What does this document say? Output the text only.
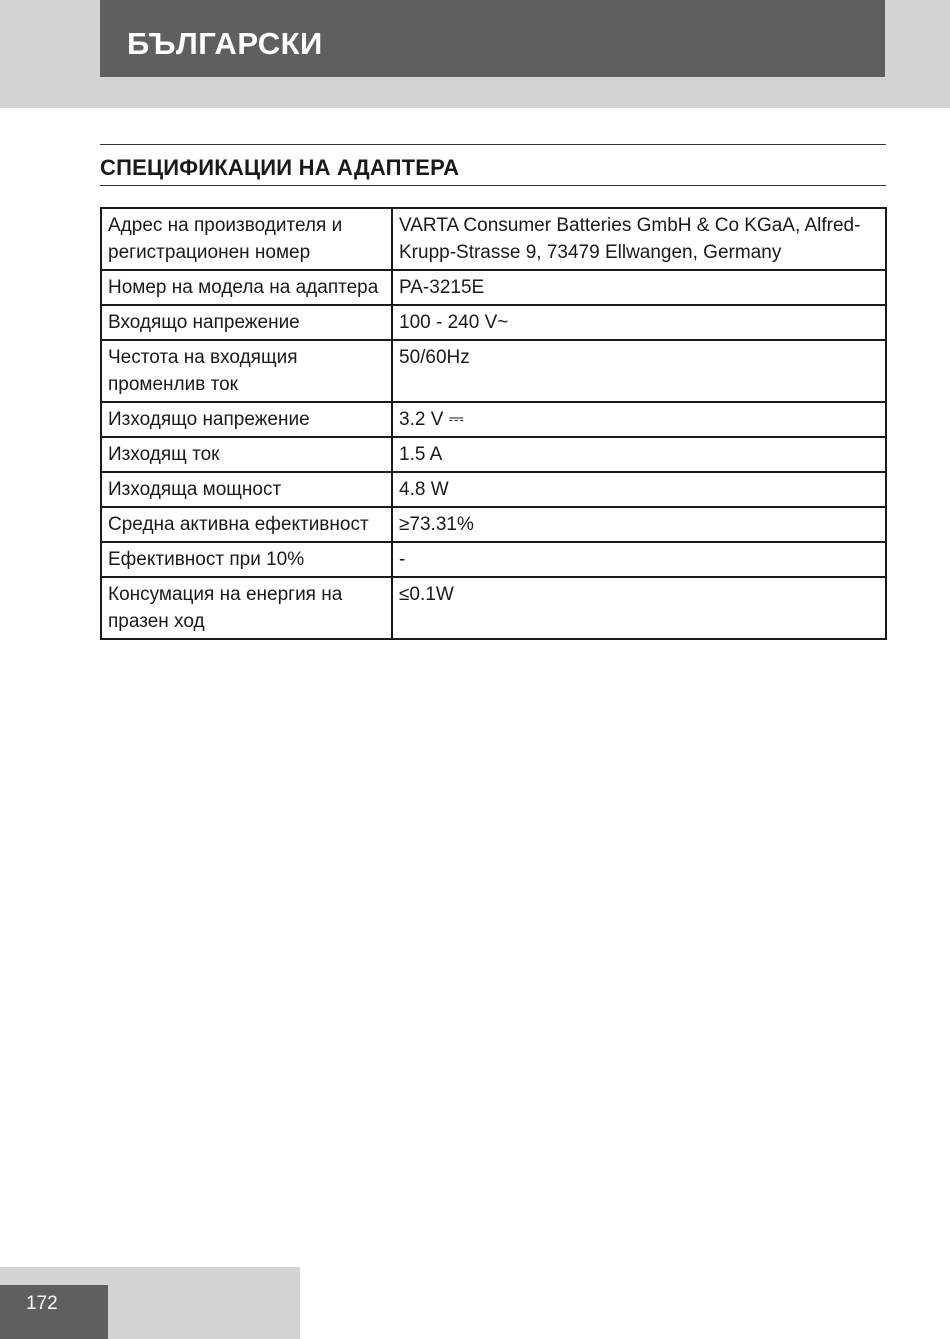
БЪЛГАРСКИ
СПЕЦИФИКАЦИИ НА АДАПТЕРА
Адрес на производителя и регистрационен номер	VARTA Consumer Batteries GmbH & Co KGaA, Alfred-Krupp-Strasse 9, 73479 Ellwangen, Germany
Номер на модела на адаптера	PA-3215E
Входящо напрежение	100 - 240 V~
Честота на входящия променлив ток	50/60Hz
Изходящо напрежение	3.2 V ⎓
Изходящ ток	1.5 A
Изходяща мощност	4.8 W
Средна активна ефективност	≥73.31%
Ефективност при 10%	-
Консумация на енергия на празен ход	≤0.1W
172
